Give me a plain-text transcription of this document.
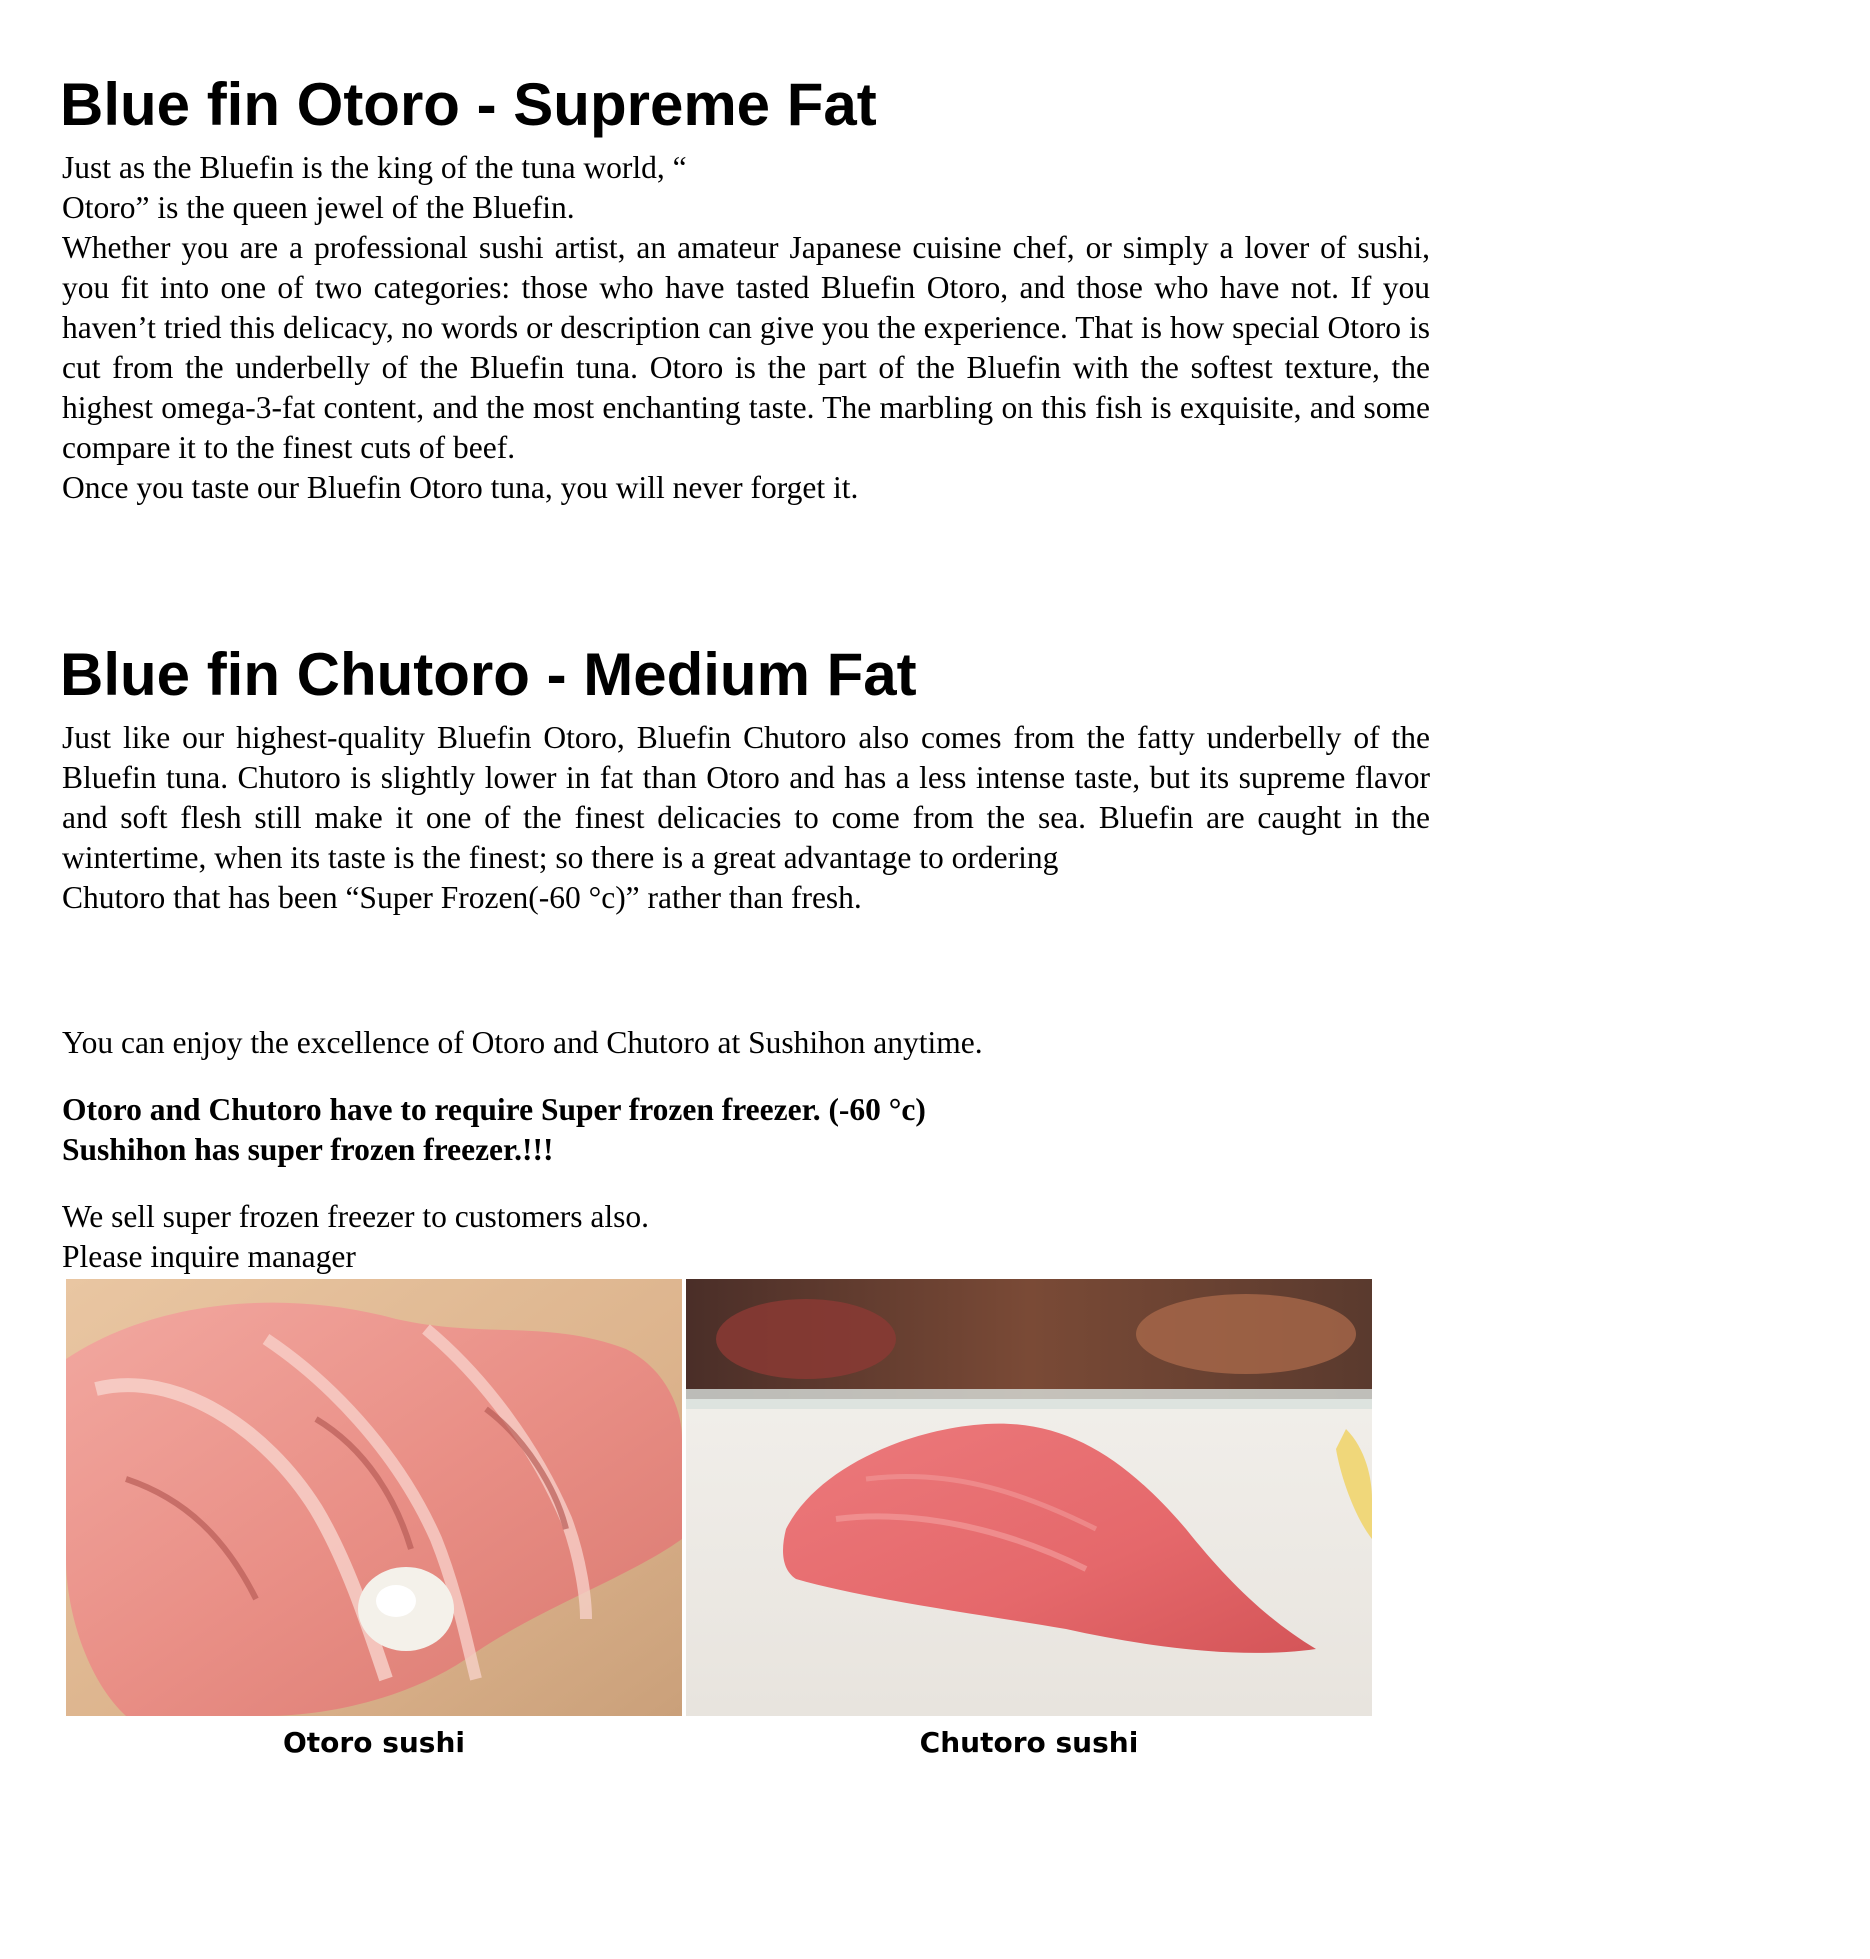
Blue fin Otoro - Supreme Fat
Just as the Bluefin is the king of the tuna world, “
Otoro” is the queen jewel of the Bluefin.
Whether you are a professional sushi artist, an amateur Japanese cuisine chef, or simply a lover of sushi, you fit into one of two categories: those who have tasted Bluefin Otoro, and those who have not. If you haven’t tried this delicacy, no words or description can give you the experience. That is how special Otoro is cut from the underbelly of the Bluefin tuna. Otoro is the part of the Bluefin with the softest texture, the highest omega-3-fat content, and the most enchanting taste. The marbling on this fish is exquisite, and some compare it to the finest cuts of beef.
Once you taste our Bluefin Otoro tuna, you will never forget it.
Blue fin Chutoro - Medium Fat
Just like our highest-quality Bluefin Otoro, Bluefin Chutoro also comes from the fatty underbelly of the Bluefin tuna. Chutoro is slightly lower in fat than Otoro and has a less intense taste, but its supreme flavor and soft flesh still make it one of the finest delicacies to come from the sea. Bluefin are caught in the wintertime, when its taste is the finest; so there is a great advantage to ordering
Chutoro that has been “Super Frozen(-60 °c)” rather than fresh.
You can enjoy the excellence of Otoro and Chutoro at Sushihon anytime.
Otoro and Chutoro have to require Super frozen freezer. (-60 °c)
Sushihon has super frozen freezer.!!!
We sell super frozen freezer to customers also.
Please inquire manager
Otoro sushi	Chutoro sushi
